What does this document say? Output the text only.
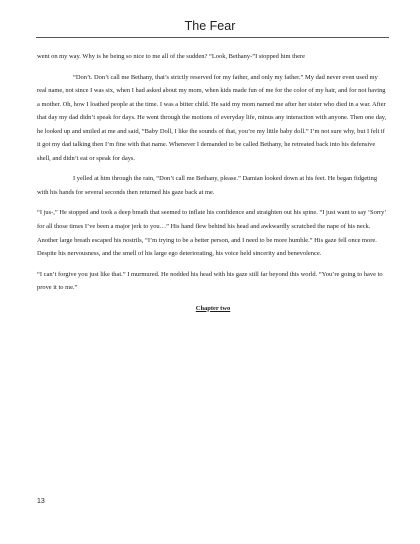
The Fear

went on my way. Why is he being so nice to me all of the sudden? “Look, Bethany-”I stopped him there

“Don’t. Don’t call me Bethany, that’s strictly reserved for my father, and only my father.” My dad never even used my real name, not since I was six, when I had asked about my mom, when kids made fun of me for the color of my hair, and for not having a mother. Oh, how I loathed people at the time. I was a bitter child. He said my mom named me after her sister who died in a war. After that day my dad didn’t speak for days. He went through the motions of everyday life, minus any interaction with anyone. Then one day, he looked up and smiled at me and said, “Baby Doll, I like the sounds of that, you’re my little baby doll.” I’m not sure why, but I felt if it got my dad talking then I’m fine with that name. Whenever I demanded to be called Bethany, he retreated back into his defensive shell, and didn’t eat or speak for days.

I yelled at him through the rain, “Don’t call me Bethany, please.” Damian looked down at his feet. He began fidgeting with his hands for several seconds then returned his gaze back at me.

“I jus-,” He stopped and took a deep breath that seemed to inflate his confidence and straighten out his spine. “I just want to say ‘Sorry’ for all those times I’ve been a major jerk to you…” His hand flew behind his head and awkwardly scratched the nape of his neck. Another large breath escaped his nostrils, “I’m trying to be a better person, and I need to be more humble.” His gaze fell once more. Despite his nervousness, and the smell of his large ego deteriorating, his voice held sincerity and benevolence.

“I can’t forgive you just like that.” I murmured. He nodded his head with his gaze still far beyond this world. “You’re going to have to prove it to me.”

Chapter two
13
